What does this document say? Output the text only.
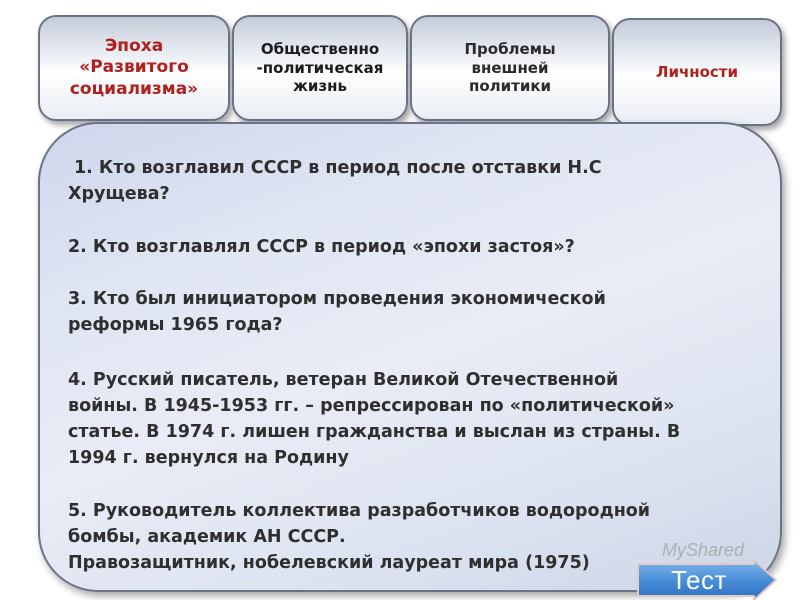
Эпоха
«Развитого
социализма»
Общественно
-политическая
жизнь
Проблемы
внешней
политики
Личности
1. Кто возглавил СССР в период после отставки Н.С
Хрущева?
2. Кто возглавлял СССР в период «эпохи застоя»?
3. Кто был инициатором проведения экономической
реформы 1965 года?
4. Русский писатель, ветеран Великой Отечественной
войны. В 1945-1953 гг. – репрессирован по «политической»
статье. В 1974 г. лишен гражданства и выслан из страны. В
1994 г. вернулся на Родину
5. Руководитель коллектива разработчиков водородной
бомбы, академик АН СССР.
Правозащитник, нобелевский лауреат мира (1975)
MyShared
Тест
